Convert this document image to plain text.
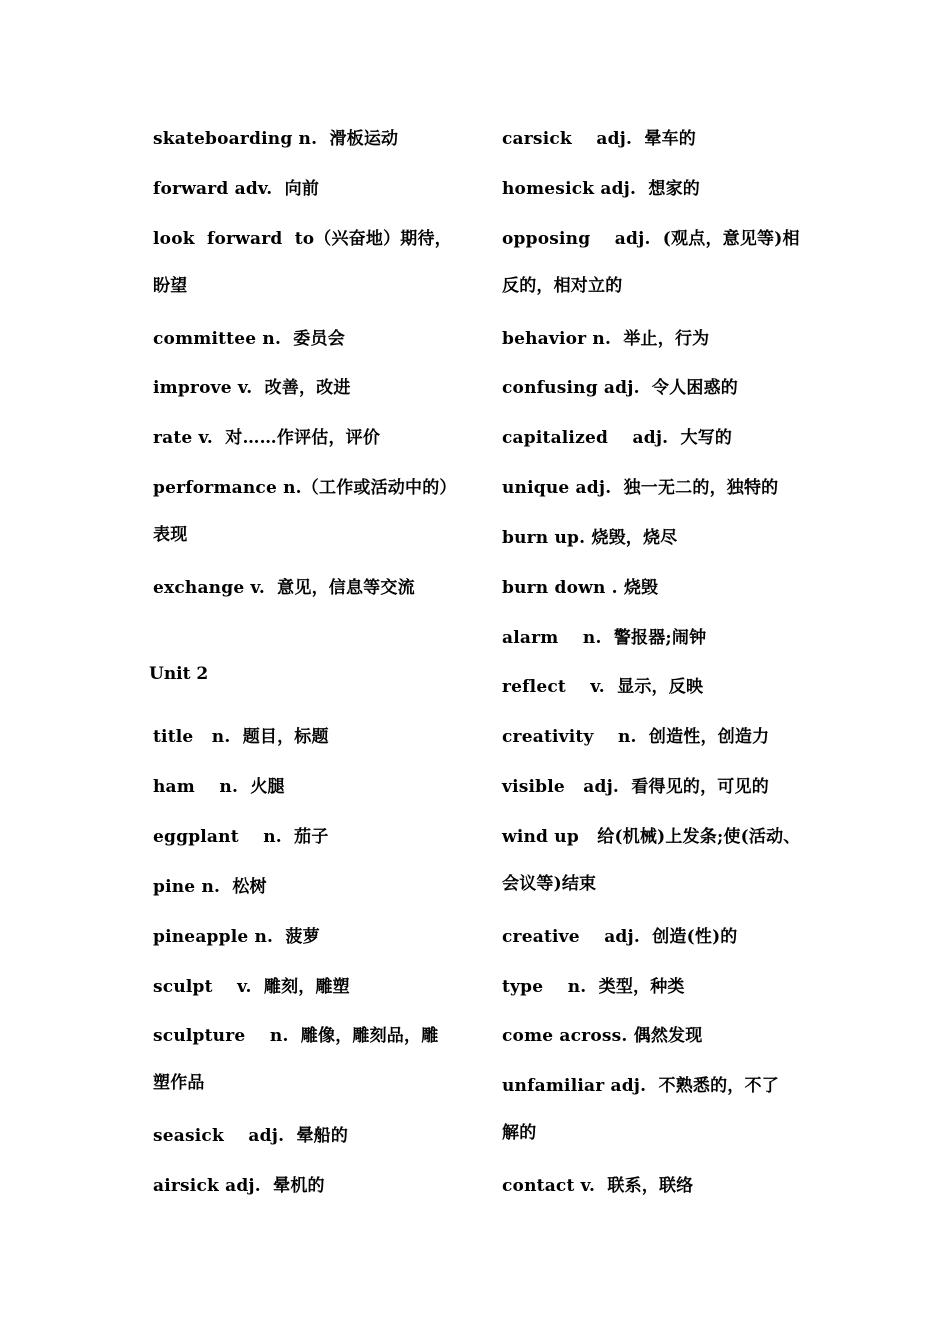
skateboarding n.  滑板运动
forward adv.  向前
look  forward  to（兴奋地）期待，
盼望
committee n.  委员会
improve v.  改善，改进
rate v.  对……作评估，评价
performance n.（工作或活动中的）
表现
exchange v.  意见，信息等交流
Unit 2
title   n.  题目，标题
ham    n.  火腿
eggplant    n.  茄子
pine n.  松树
pineapple n.  菠萝
sculpt    v.  雕刻，雕塑
sculpture    n.  雕像，雕刻品，雕
塑作品
seasick    adj.  晕船的
airsick adj.  晕机的
carsick    adj.  晕车的
homesick adj.  想家的
opposing    adj.  (观点，意见等)相
反的，相对立的
behavior n.  举止，行为
confusing adj.  令人困惑的
capitalized    adj.  大写的
unique adj.  独一无二的，独特的
burn up. 烧毁，烧尽
burn down . 烧毁
alarm    n.  警报器;闹钟
reflect    v.  显示，反映
creativity    n.  创造性，创造力
visible   adj.  看得见的，可见的
wind up   给(机械)上发条;使(活动、
会议等)结束
creative    adj.  创造(性)的
type    n.  类型，种类
come across. 偶然发现
unfamiliar adj.  不熟悉的，不了
解的
contact v.  联系，联络
